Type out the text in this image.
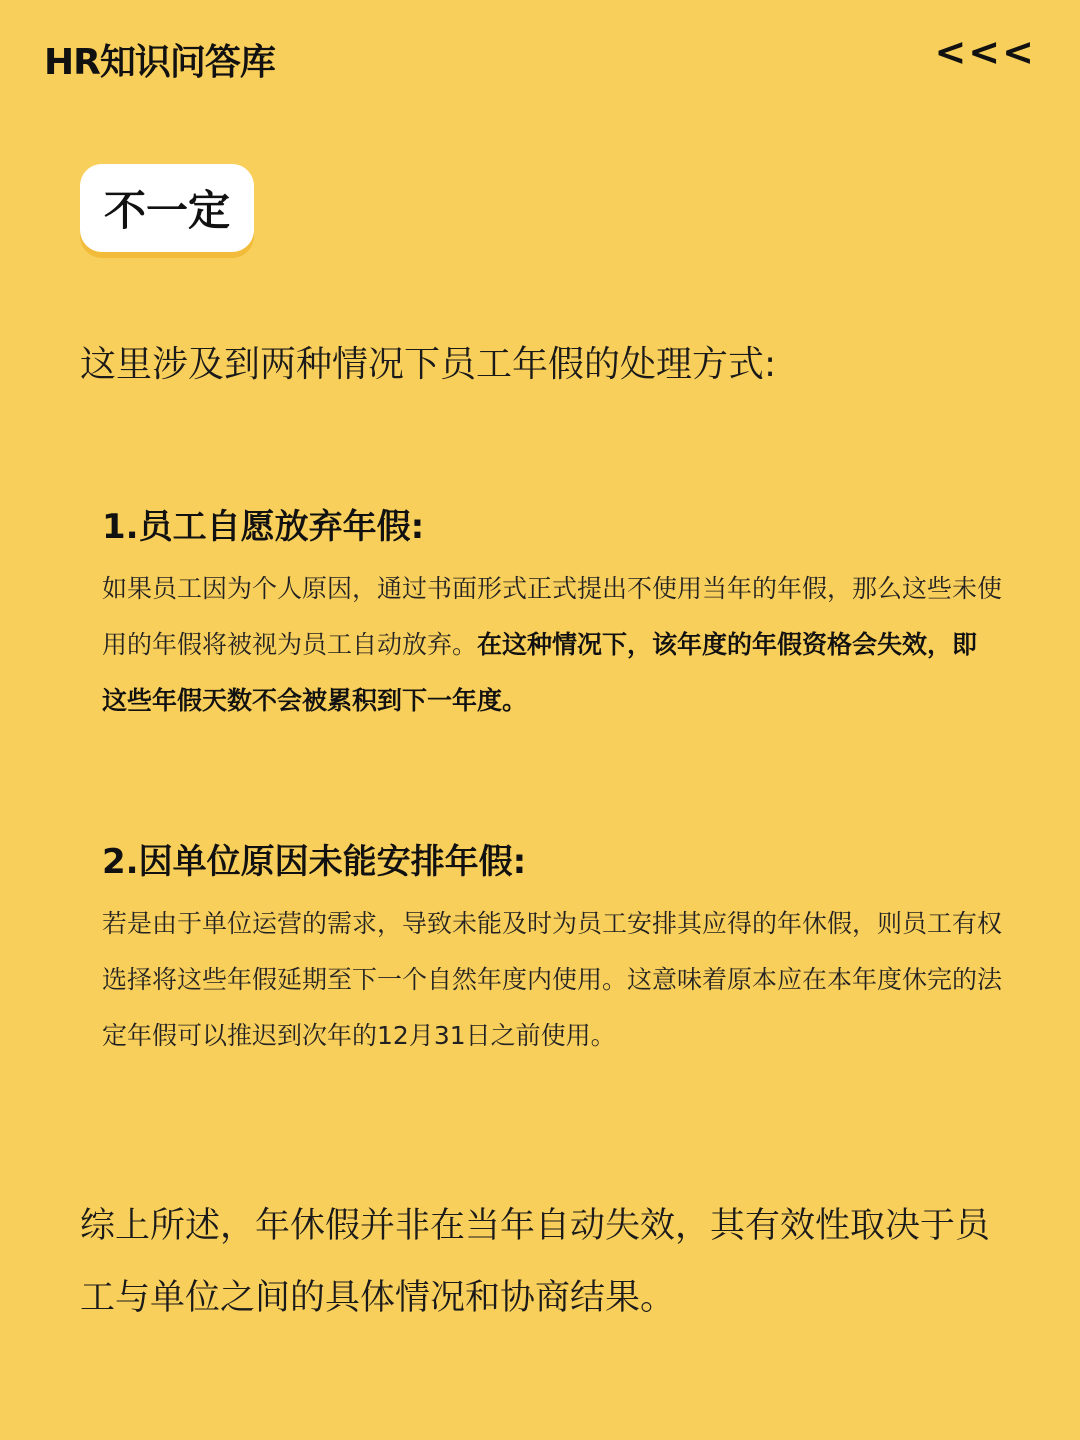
HR知识问答库	<<<
不一定
这里涉及到两种情况下员工年假的处理方式:
1.员工自愿放弃年假:

如果员工因为个人原因，通过书面形式正式提出不使用当年的年假，那么这些未使用的年假将被视为员工自动放弃。在这种情况下，该年度的年假资格会失效，即这些年假天数不会被累积到下一年度。

2.因单位原因未能安排年假:

若是由于单位运营的需求，导致未能及时为员工安排其应得的年休假，则员工有权选择将这些年假延期至下一个自然年度内使用。这意味着原本应在本年度休完的法定年假可以推迟到次年的12月31日之前使用。

综上所述，年休假并非在当年自动失效，其有效性取决于员工与单位之间的具体情况和协商结果。
